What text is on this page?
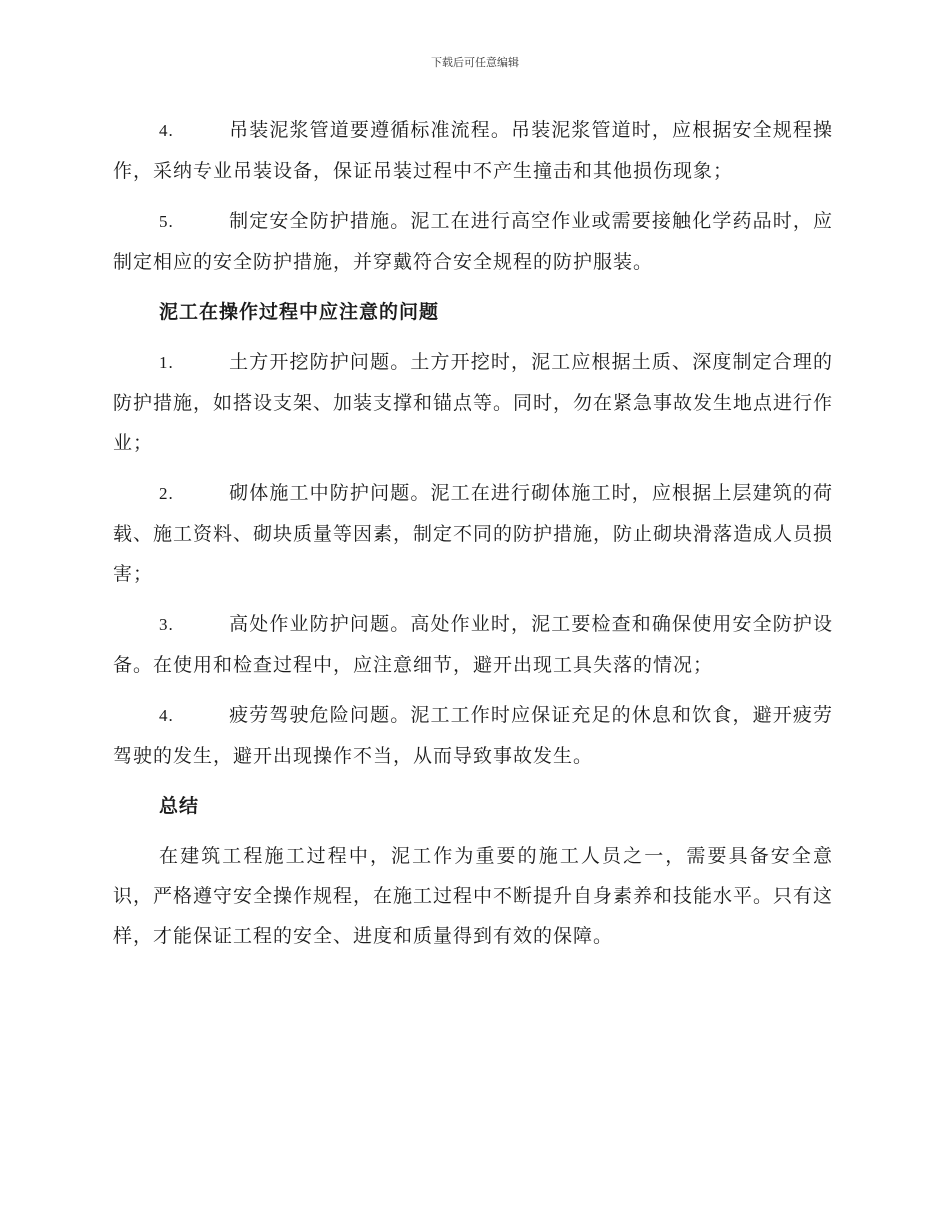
下载后可任意编辑

4.	吊装泥浆管道要遵循标准流程。吊装泥浆管道时，应根据安全规程操作，采纳专业吊装设备，保证吊装过程中不产生撞击和其他损伤现象；

5.	制定安全防护措施。泥工在进行高空作业或需要接触化学药品时，应制定相应的安全防护措施，并穿戴符合安全规程的防护服装。

泥工在操作过程中应注意的问题

1.	土方开挖防护问题。土方开挖时，泥工应根据土质、深度制定合理的防护措施，如搭设支架、加装支撑和锚点等。同时，勿在紧急事故发生地点进行作业；

2.	砌体施工中防护问题。泥工在进行砌体施工时，应根据上层建筑的荷载、施工资料、砌块质量等因素，制定不同的防护措施，防止砌块滑落造成人员损害；

3.	高处作业防护问题。高处作业时，泥工要检查和确保使用安全防护设备。在使用和检查过程中，应注意细节，避开出现工具失落的情况；

4.	疲劳驾驶危险问题。泥工工作时应保证充足的休息和饮食，避开疲劳驾驶的发生，避开出现操作不当，从而导致事故发生。

总结

在建筑工程施工过程中，泥工作为重要的施工人员之一，需要具备安全意识，严格遵守安全操作规程，在施工过程中不断提升自身素养和技能水平。只有这样，才能保证工程的安全、进度和质量得到有效的保障。
